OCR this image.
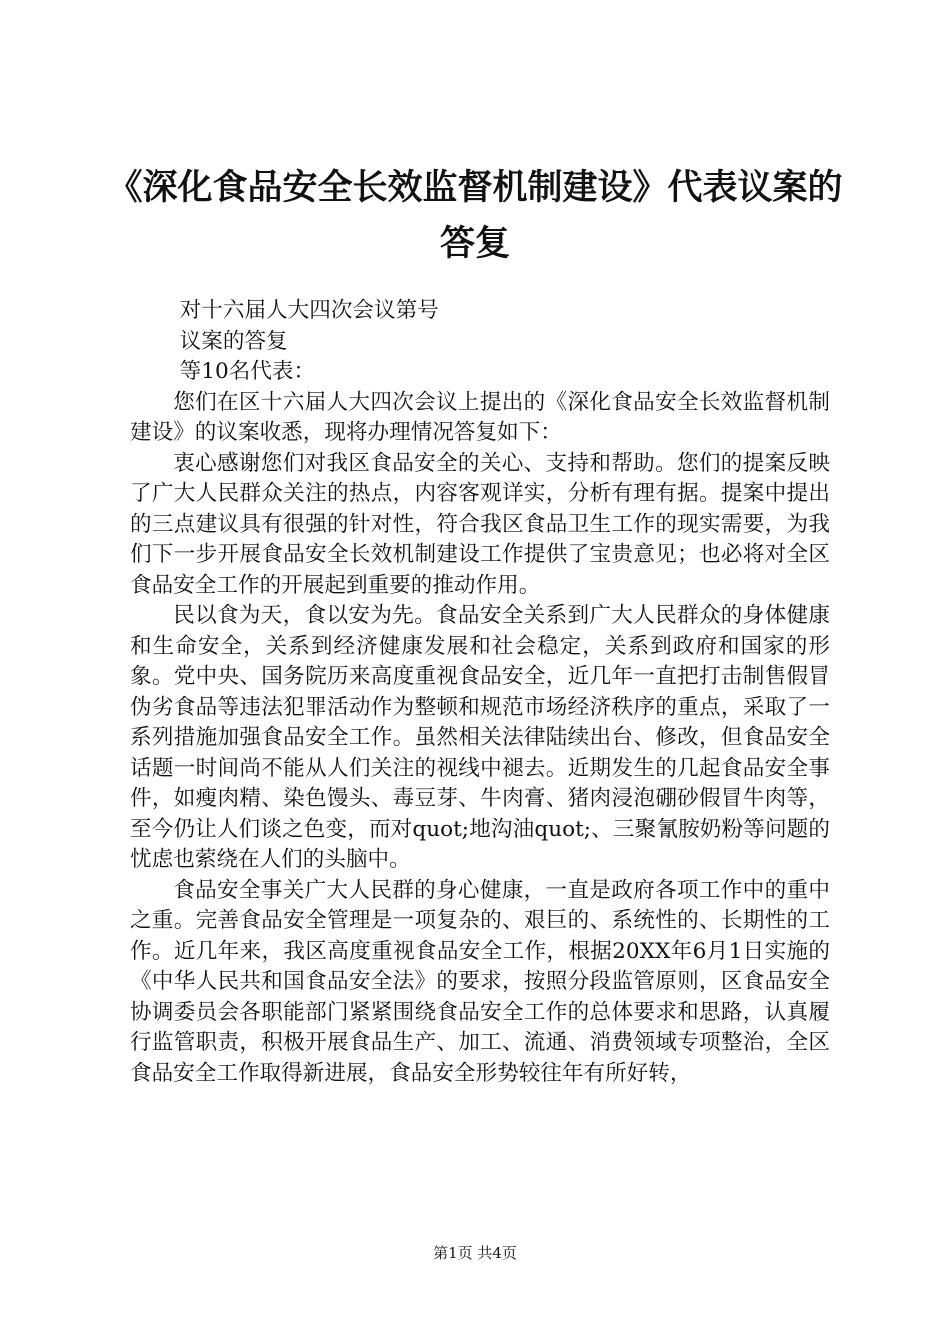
《深化食品安全长效监督机制建设》代表议案的答复

对十六届人大四次会议第号

议案的答复

等10名代表：

您们在区十六届人大四次会议上提出的《深化食品安全长效监督机制建设》的议案收悉，现将办理情况答复如下：

衷心感谢您们对我区食品安全的关心、支持和帮助。您们的提案反映了广大人民群众关注的热点，内容客观详实，分析有理有据。提案中提出的三点建议具有很强的针对性，符合我区食品卫生工作的现实需要，为我们下一步开展食品安全长效机制建设工作提供了宝贵意见；也必将对全区食品安全工作的开展起到重要的推动作用。

民以食为天，食以安为先。食品安全关系到广大人民群众的身体健康和生命安全，关系到经济健康发展和社会稳定，关系到政府和国家的形象。党中央、国务院历来高度重视食品安全，近几年一直把打击制售假冒伪劣食品等违法犯罪活动作为整顿和规范市场经济秩序的重点，采取了一系列措施加强食品安全工作。虽然相关法律陆续出台、修改，但食品安全话题一时间尚不能从人们关注的视线中褪去。近期发生的几起食品安全事件，如瘦肉精、染色馒头、毒豆芽、牛肉膏、猪肉浸泡硼砂假冒牛肉等，至今仍让人们谈之色变，而对quot;地沟油quot;、三聚氰胺奶粉等问题的忧虑也萦绕在人们的头脑中。

食品安全事关广大人民群的身心健康，一直是政府各项工作中的重中之重。完善食品安全管理是一项复杂的、艰巨的、系统性的、长期性的工作。近几年来，我区高度重视食品安全工作，根据20XX年6月1日实施的《中华人民共和国食品安全法》的要求，按照分段监管原则，区食品安全协调委员会各职能部门紧紧围绕食品安全工作的总体要求和思路，认真履行监管职责，积极开展食品生产、加工、流通、消费领域专项整治，全区食品安全工作取得新进展，食品安全形势较往年有所好转，

第1页 共4页
